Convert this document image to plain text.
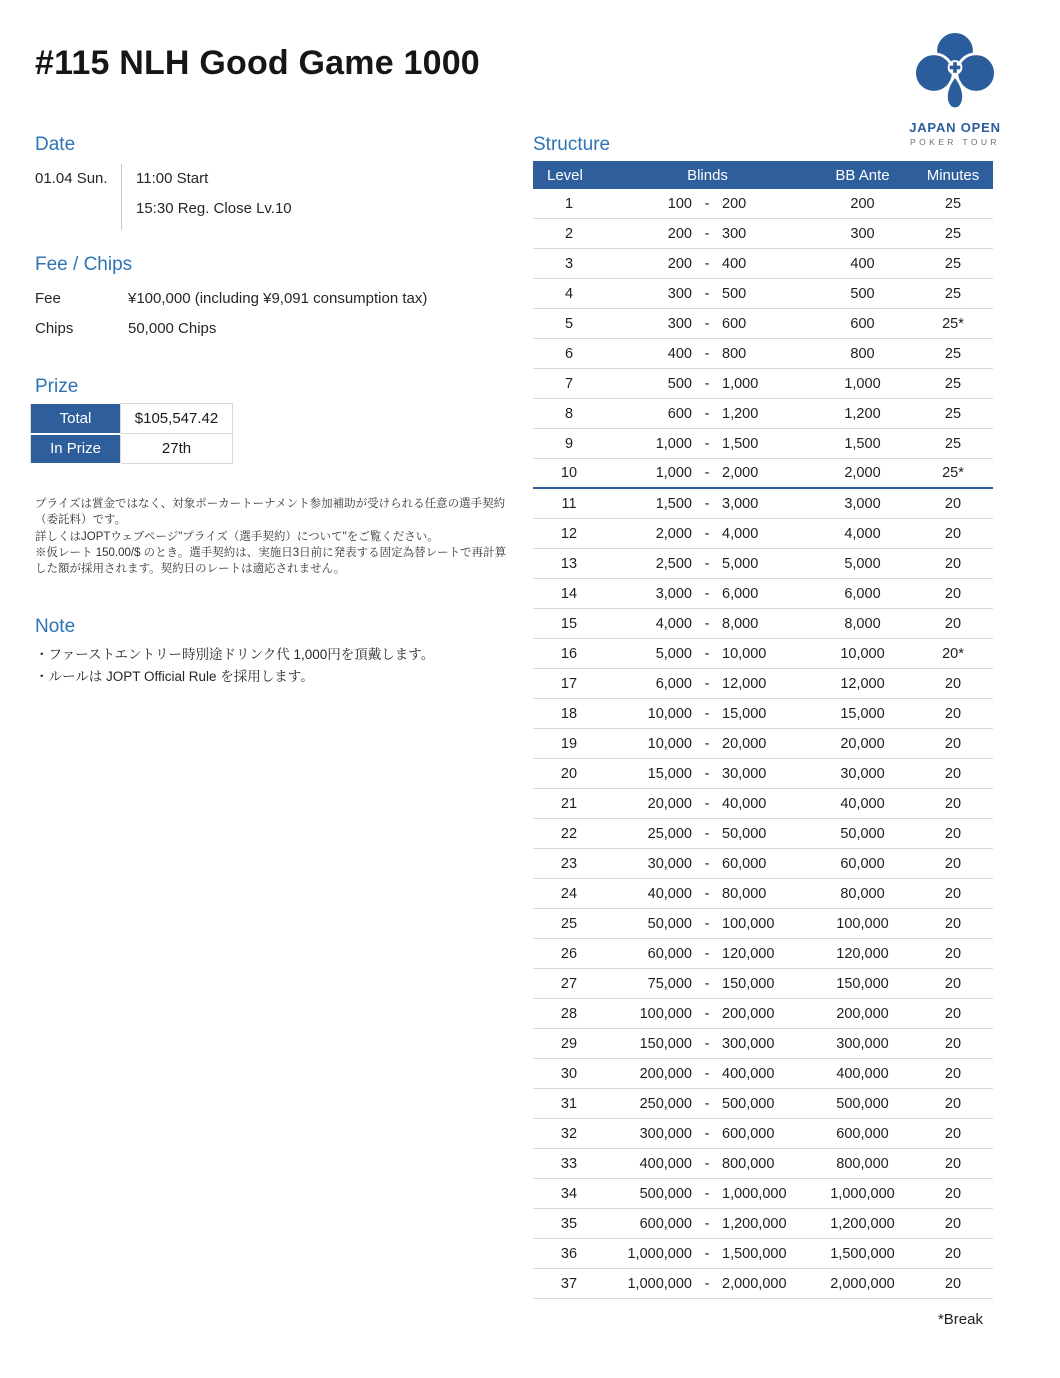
#115 NLH Good Game 1000
JAPAN OPEN
POKER TOUR
Date
01.04 Sun.	11:00 Start
15:30 Reg. Close Lv.10
Fee / Chips
Fee	¥100,000 (including ¥9,091 consumption tax)
Chips	50,000 Chips
Prize
Total	$105,547.42
In Prize	27th

プライズは賞金ではなく、対象ポーカートーナメント参加補助が受けられる任意の選手契約（委託料）です。

詳しくはJOPTウェブページ"プライズ（選手契約）について"をご覧ください。

※仮レート 150.00/$ のとき。選手契約は、実施日3日前に発表する固定為替レートで再計算した額が採用されます。契約日のレートは適応されません。

Note
・ファーストエントリー時別途ドリンク代 1,000円を頂戴します。
・ルールは JOPT Official Rule を採用します。
Structure
Level	Blinds	BB Ante	Minutes
1	100 - 200	200	25
2	200 - 300	300	25
3	200 - 400	400	25
4	300 - 500	500	25
5	300 - 600	600	25*
6	400 - 800	800	25
7	500 - 1,000	1,000	25
8	600 - 1,200	1,200	25
9	1,000 - 1,500	1,500	25
10	1,000 - 2,000	2,000	25*
11	1,500 - 3,000	3,000	20
12	2,000 - 4,000	4,000	20
13	2,500 - 5,000	5,000	20
14	3,000 - 6,000	6,000	20
15	4,000 - 8,000	8,000	20
16	5,000 - 10,000	10,000	20*
17	6,000 - 12,000	12,000	20
18	10,000 - 15,000	15,000	20
19	10,000 - 20,000	20,000	20
20	15,000 - 30,000	30,000	20
21	20,000 - 40,000	40,000	20
22	25,000 - 50,000	50,000	20
23	30,000 - 60,000	60,000	20
24	40,000 - 80,000	80,000	20
25	50,000 - 100,000	100,000	20
26	60,000 - 120,000	120,000	20
27	75,000 - 150,000	150,000	20
28	100,000 - 200,000	200,000	20
29	150,000 - 300,000	300,000	20
30	200,000 - 400,000	400,000	20
31	250,000 - 500,000	500,000	20
32	300,000 - 600,000	600,000	20
33	400,000 - 800,000	800,000	20
34	500,000 - 1,000,000	1,000,000	20
35	600,000 - 1,200,000	1,200,000	20
36	1,000,000 - 1,500,000	1,500,000	20
37	1,000,000 - 2,000,000	2,000,000	20
*Break
